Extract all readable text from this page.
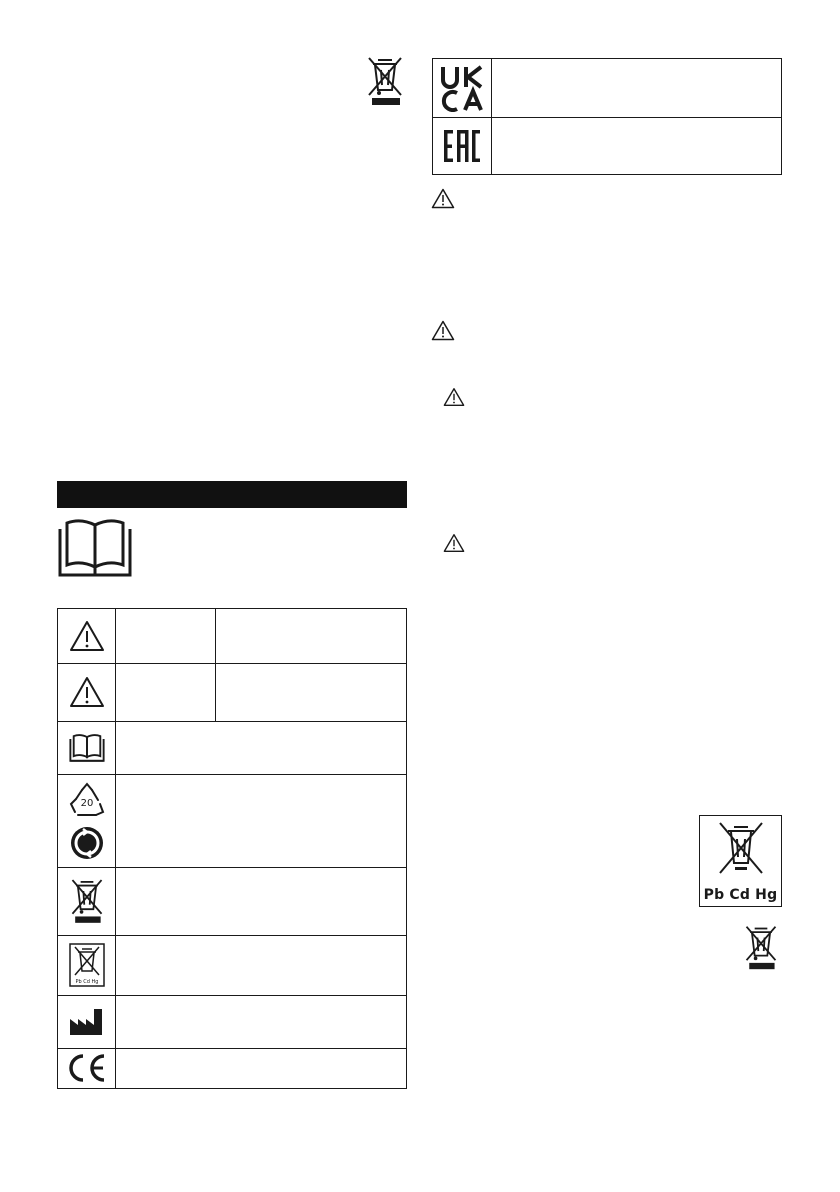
20
Pb Cd Hg
Pb Cd Hg
